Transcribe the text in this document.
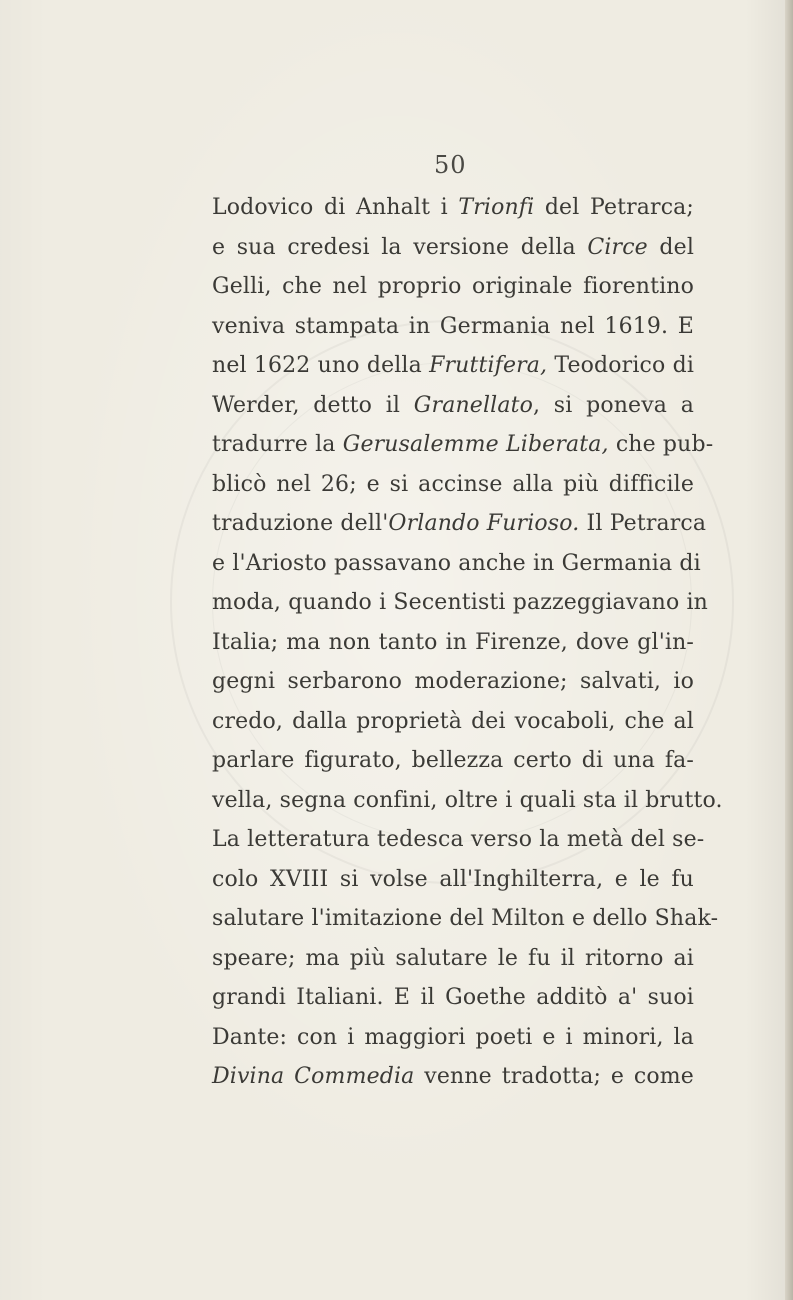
50
Lodovico di Anhalt i Trionfi del Petrarca;
e sua credesi la versione della Circe del
Gelli, che nel proprio originale fiorentino
veniva stampata in Germania nel 1619. E
nel 1622 uno della Fruttifera, Teodorico di
Werder, detto il Granellato, si poneva a
tradurre la Gerusalemme Liberata, che pub-
blicò nel 26; e si accinse alla più difficile
traduzione dell'Orlando Furioso. Il Petrarca
e l'Ariosto passavano anche in Germania di
moda, quando i Secentisti pazzeggiavano in
Italia; ma non tanto in Firenze, dove gl'in-
gegni serbarono moderazione; salvati, io
credo, dalla proprietà dei vocaboli, che al
parlare figurato, bellezza certo di una fa-
vella, segna confini, oltre i quali sta il brutto.
La letteratura tedesca verso la metà del se-
colo XVIII si volse all'Inghilterra, e le fu
salutare l'imitazione del Milton e dello Shak-
speare; ma più salutare le fu il ritorno ai
grandi Italiani. E il Goethe additò a' suoi
Dante: con i maggiori poeti e i minori, la
Divina Commedia venne tradotta; e come
